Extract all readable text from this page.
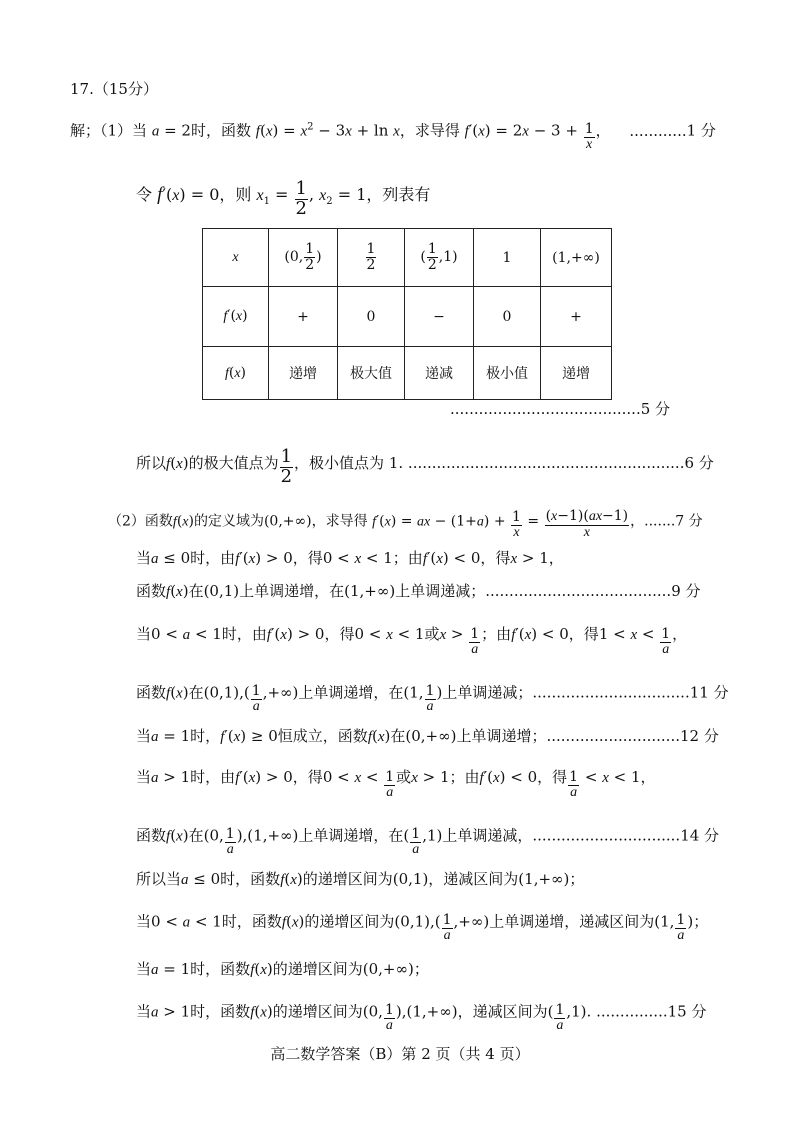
17.（15分）
解；（1）当 a = 2时，函数 $f(x) = x^2 - 3x + \ln x$，求导得 $f'(x) = 2x - 3 + \frac{1}{x}$ ， ............1 分
令 f′(x) = 0，则 $x_1 = \frac{1}{2}$ , $x_2 = 1$，列表有
x	(0, $\frac{1}{2}$ )	$\frac{1}{2}$	( $\frac{1}{2} ,1$)	1	(1,+∞)
f′(x)	+	0	−	0	+
f(x)	递增	极大值	递减	极小值	递增
........................................5 分
所以f(x)的极大值点为 $\frac{1}{2}$ ，极小值点为 1. ..........................................................6 分
（2）函数f(x)的定义域为(0,+∞)，求导得 f′(x) = ax − $(1+a) + \frac{1}{x} = \frac{(x-1)(ax-1)}{x}$ ，.......7 分
当a ≤ 0时，由f′(x) > 0，得0 < x < 1；由f′(x) < 0，得x > 1，
函数f(x)在(0,1)上单调递增，在(1,+∞)上单调递减；.......................................9 分
当0 < a < 1时，由f′(x) > 0，得0 < x < 1或$x > \frac{1}{a}$ ；由f′(x) < 0，得$1 < x < \frac{1}{a}$ ，
函数f(x)在$(0,1),( \frac{1}{a}$ ,+∞)上单调递增，在(1, $\frac{1}{a}$ )上单调递减；.................................11 分
当a = 1时，f′(x) ≥ 0恒成立，函数f(x)在(0,+∞)上单调递增；............................12 分
当a > 1时，由f′(x) > 0，得$0 < x < \frac{1}{a}$ 或x > 1；由f′(x) < 0，得 $\frac{1}{a} < x < 1$，
函数f(x)在(0, $\frac{1}{a} ),(1,+\infty)$上单调递增，在( $\frac{1}{a} ,1$)上单调递减，...............................14 分
所以当a ≤ 0时，函数f(x)的递增区间为(0,1)，递减区间为(1,+∞)；
当0 < a < 1时，函数f(x)的递增区间为$(0,1),( \frac{1}{a}$ ,+∞)上单调递增，递减区间为(1, $\frac{1}{a}$ )；
当a = 1时，函数f(x)的递增区间为(0,+∞)；
当a > 1时，函数f(x)的递增区间为(0, $\frac{1}{a} ),(1,+\infty)$，递减区间为( $\frac{1}{a} ,1$). ...............15 分
高二数学答案（B）第 2 页（共 4 页）
